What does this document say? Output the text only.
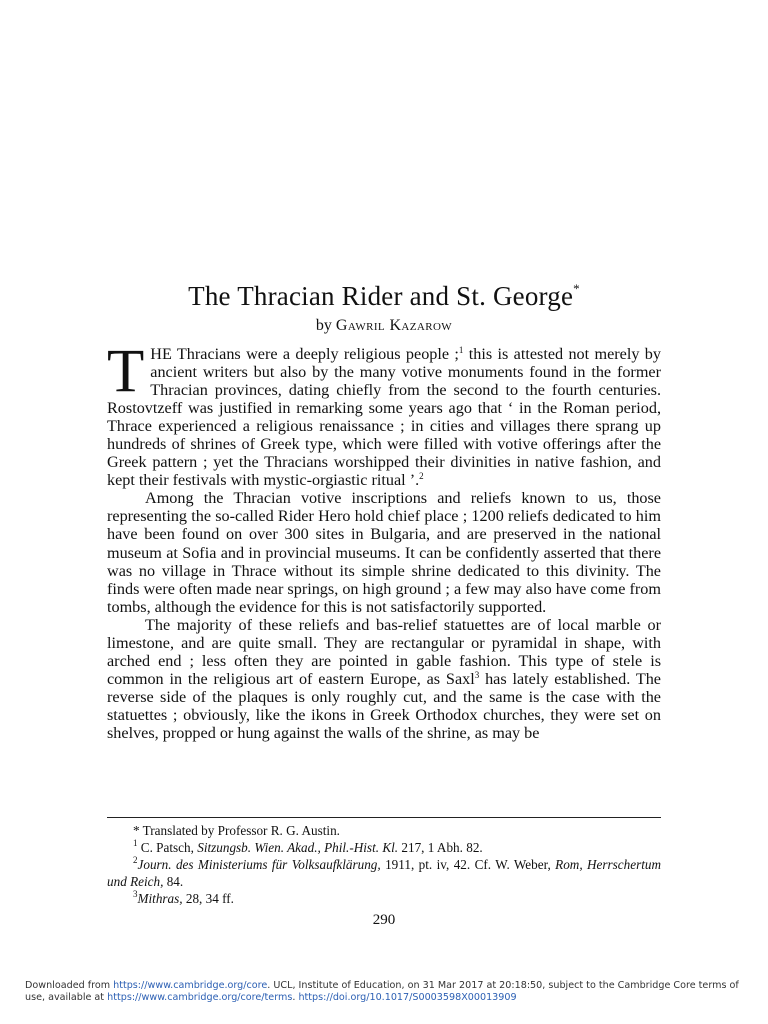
The Thracian Rider and St. George*
by Gawril Kazarow

THE Thracians were a deeply religious people ;$^1$ this is attested not merely by ancient writers but also by the many votive monuments found in the former Thracian provinces, dating chiefly from the second to the fourth centuries. Rostovtzeff was justified in remarking some years ago that ‘ in the Roman period, Thrace experienced a religious renaissance ; in cities and villages there sprang up hundreds of shrines of Greek type, which were filled with votive offerings after the Greek pattern ; yet the Thracians worshipped their divinities in native fashion, and kept their festivals with mystic-orgiastic ritual ’.$^2$

Among the Thracian votive inscriptions and reliefs known to us, those representing the so-called Rider Hero hold chief place ; 1200 reliefs dedicated to him have been found on over 300 sites in Bulgaria, and are preserved in the national museum at Sofia and in provincial museums. It can be confidently asserted that there was no village in Thrace without its simple shrine dedicated to this divinity. The finds were often made near springs, on high ground ; a few may also have come from tombs, although the evidence for this is not satisfactorily supported.

The majority of these reliefs and bas-relief statuettes are of local marble or limestone, and are quite small. They are rectangular or pyramidal in shape, with arched end ; less often they are pointed in gable fashion. This type of stele is common in the religious art of eastern Europe, as Saxl$^3$ has lately established. The reverse side of the plaques is only roughly cut, and the same is the case with the statuettes ; obviously, like the ikons in Greek Orthodox churches, they were set on shelves, propped or hung against the walls of the shrine, as may be

* Translated by Professor R. G. Austin.

$^1$ C. Patsch, Sitzungsb. Wien. Akad., Phil.-Hist. Kl. 217, 1 Abh. 82.

$^2$Journ. des Ministeriums für Volksaufklärung, 1911, pt. iv, 42. Cf. W. Weber, Rom, Herrschertum und Reich, 84.

$^3$Mithras, 28, 34 ff.

290
Downloaded from https://www.cambridge.org/core. UCL, Institute of Education, on 31 Mar 2017 at 20:18:50, subject to the Cambridge Core terms of use, available at https://www.cambridge.org/core/terms. https://doi.org/10.1017/S0003598X00013909
